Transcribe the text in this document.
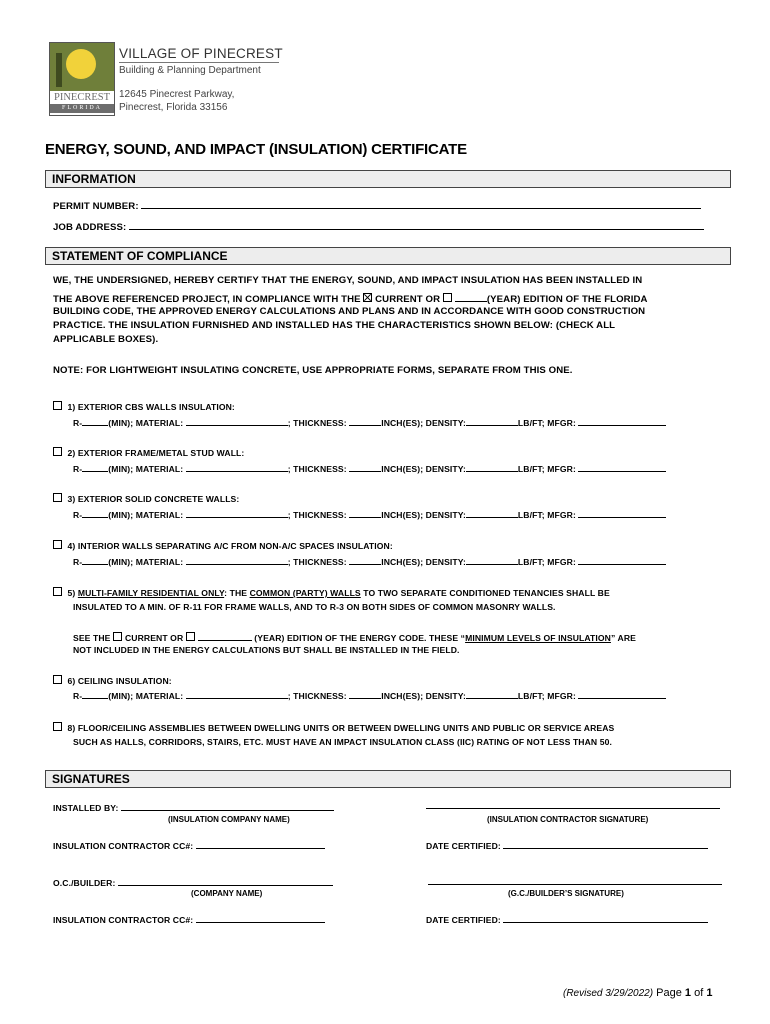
PINECREST

FLORIDA
VILLAGE OF PINECREST
Building & Planning Department
12645 Pinecrest Parkway,
Pinecrest, Florida 33156
ENERGY, SOUND, AND IMPACT (INSULATION) CERTIFICATE
INFORMATION
PERMIT NUMBER:
JOB ADDRESS:
STATEMENT OF COMPLIANCE
WE, THE UNDERSIGNED, HEREBY CERTIFY THAT THE ENERGY, SOUND, AND IMPACT INSULATION HAS BEEN INSTALLED IN
THE ABOVE REFERENCED PROJECT, IN COMPLIANCE WITH THE CURRENT OR	(YEAR) EDITION OF THE FLORIDA
BUILDING CODE, THE APPROVED ENERGY CALCULATIONS AND PLANS AND IN ACCORDANCE WITH GOOD CONSTRUCTION
PRACTICE. THE INSULATION FURNISHED AND INSTALLED HAS THE CHARACTERISTICS SHOWN BELOW: (CHECK ALL
APPLICABLE BOXES).
NOTE: FOR LIGHTWEIGHT INSULATING CONCRETE, USE APPROPRIATE FORMS, SEPARATE FROM THIS ONE.
1) EXTERIOR CBS WALLS INSULATION:
R-	(MIN); MATERIAL:	; THICKNESS:	INCH(ES); DENSITY:	LB/FT; MFGR:
2) EXTERIOR FRAME/METAL STUD WALL:
R-	(MIN); MATERIAL:	; THICKNESS:	INCH(ES); DENSITY:	LB/FT; MFGR:
3) EXTERIOR SOLID CONCRETE WALLS:
R-	(MIN); MATERIAL:	; THICKNESS:	INCH(ES); DENSITY:	LB/FT; MFGR:
4) INTERIOR WALLS SEPARATING A/C FROM NON-A/C SPACES INSULATION:
R-	(MIN); MATERIAL:	; THICKNESS:	INCH(ES); DENSITY:	LB/FT; MFGR:
5) MULTI-FAMILY RESIDENTIAL ONLY: THE COMMON (PARTY) WALLS TO TWO SEPARATE CONDITIONED TENANCIES SHALL BE
INSULATED TO A MIN. OF R-11 FOR FRAME WALLS, AND TO R-3 ON BOTH SIDES OF COMMON MASONRY WALLS.
SEE THE CURRENT OR	(YEAR) EDITION OF THE ENERGY CODE. THESE “MINIMUM LEVELS OF INSULATION” ARE
NOT INCLUDED IN THE ENERGY CALCULATIONS BUT SHALL BE INSTALLED IN THE FIELD.
6) CEILING INSULATION:
R-	(MIN); MATERIAL:	; THICKNESS:	INCH(ES); DENSITY:	LB/FT; MFGR:
8) FLOOR/CEILING ASSEMBLIES BETWEEN DWELLING UNITS OR BETWEEN DWELLING UNITS AND PUBLIC OR SERVICE AREAS
SUCH AS HALLS, CORRIDORS, STAIRS, ETC. MUST HAVE AN IMPACT INSULATION CLASS (IIC) RATING OF NOT LESS THAN 50.
SIGNATURES
INSTALLED BY:
(INSULATION COMPANY NAME)	(INSULATION CONTRACTOR SIGNATURE)
INSULATION CONTRACTOR CC#:	DATE CERTIFIED:
O.C./BUILDER:
(COMPANY NAME)	(G.C./BUILDER’S SIGNATURE)
INSULATION CONTRACTOR CC#:	DATE CERTIFIED:
(Revised 3/29/2022) Page 1 of 1
